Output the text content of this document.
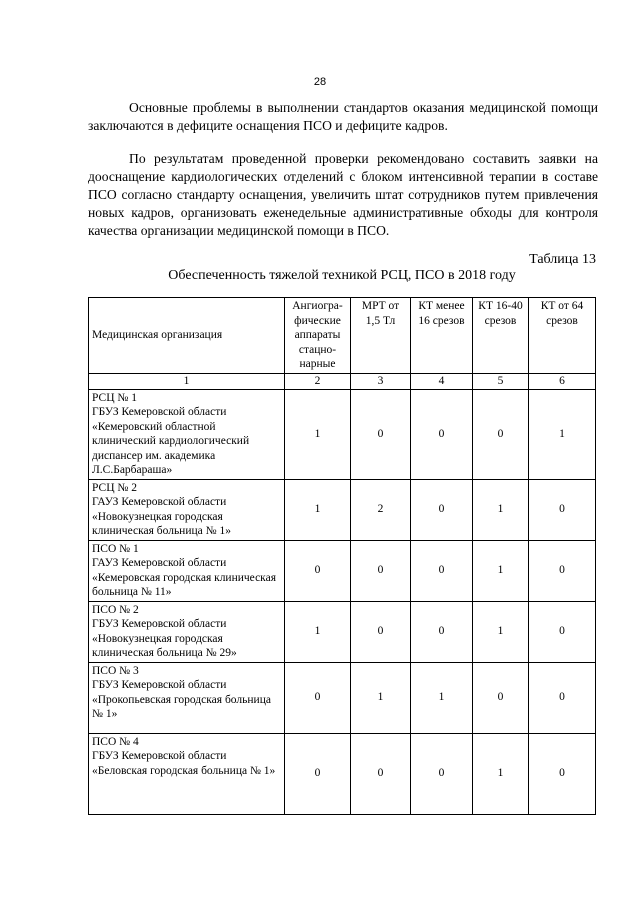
28

Основные проблемы в выполнении стандартов оказания медицинской помощи заключаются в дефиците оснащения ПСО и дефиците кадров.

По результатам проведенной проверки рекомендовано составить заявки на дооснащение кардиологических отделений с блоком интенсивной терапии в составе ПСО согласно стандарту оснащения, увеличить штат сотрудников путем привлечения новых кадров, организовать еженедельные административные обходы для контроля качества организации медицинской помощи в ПСО.

Таблица 13
Обеспеченность тяжелой техникой РСЦ, ПСО в 2018 году
Медицинская организация	Ангиогра-фические аппараты стацно-нарные	МРТ от 1,5 Тл	КТ менее 16 срезов	КТ 16-40 срезов	КТ от 64 срезов
1	2	3	4	5	6

РСЦ № 1
ГБУЗ Кемеровской области
«Кемеровский областной клинический кардиологический диспансер им. академика Л.С.Барбараша»	1	0	0	0	1

РСЦ № 2
ГАУЗ Кемеровской области
«Новокузнецкая городская клиническая больница № 1»	1	2	0	1	0

ПСО № 1
ГАУЗ Кемеровской области
«Кемеровская городская клиническая больница № 11»	0	0	0	1	0

ПСО № 2
ГБУЗ Кемеровской области
«Новокузнецкая городская клиническая больница № 29»	1	0	0	1	0

ПСО № 3
ГБУЗ Кемеровской области
«Прокопьевская городская больница № 1»	0	1	1	0	0

ПСО № 4
ГБУЗ Кемеровской области
«Беловская городская больница № 1»	0	0	0	1	0
